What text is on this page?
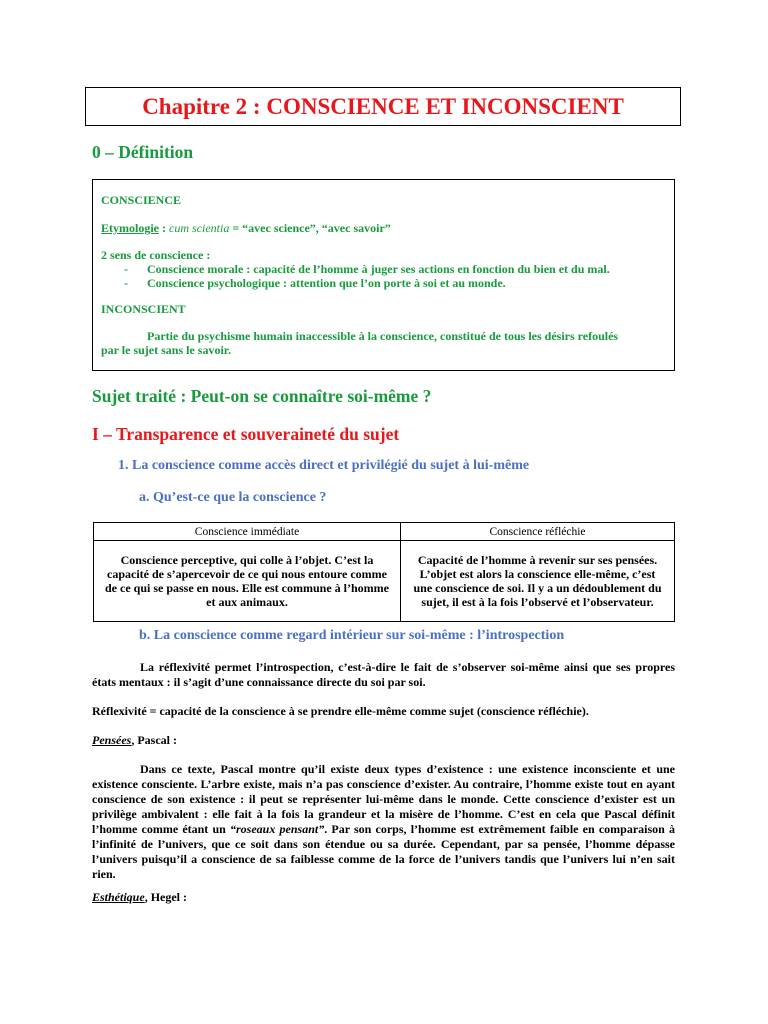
Chapitre 2 : CONSCIENCE ET INCONSCIENT
0 – Définition
CONSCIENCE
Etymologie : cum scientia = “avec science”, “avec savoir”
2 sens de conscience :
- Conscience morale : capacité de l’homme à juger ses actions en fonction du bien et du mal.
- Conscience psychologique : attention que l’on porte à soi et au monde.
INCONSCIENT
Partie du psychisme humain inaccessible à la conscience, constitué de tous les désirs refoulés
par le sujet sans le savoir.
Sujet traité : Peut-on se connaître soi-même ?
I – Transparence et souveraineté du sujet
1. La conscience comme accès direct et privilégié du sujet à lui-même
a. Qu’est-ce que la conscience ?
Conscience immédiate	Conscience réfléchie
Conscience perceptive, qui colle à l’objet. C’est la capacité de s’apercevoir de ce qui nous entoure comme de ce qui se passe en nous. Elle est commune à l’homme et aux animaux.	Capacité de l’homme à revenir sur ses pensées. L’objet est alors la conscience elle-même, c’est une conscience de soi. Il y a un dédoublement du sujet, il est à la fois l’observé et l’observateur.
b. La conscience comme regard intérieur sur soi-même : l’introspection
La réflexivité permet l’introspection, c’est-à-dire le fait de s’observer soi-même ainsi que ses propres états mentaux : il s’agit d’une connaissance directe du soi par soi.
Réflexivité = capacité de la conscience à se prendre elle-même comme sujet (conscience réfléchie).
Pensées, Pascal :
Dans ce texte, Pascal montre qu’il existe deux types d’existence : une existence inconsciente et une existence consciente. L’arbre existe, mais n’a pas conscience d’exister. Au contraire, l’homme existe tout en ayant conscience de son existence : il peut se représenter lui-même dans le monde. Cette conscience d’exister est un privilège ambivalent : elle fait à la fois la grandeur et la misère de l’homme. C’est en cela que Pascal définit l’homme comme étant un “roseaux pensant”. Par son corps, l’homme est extrêmement faible en comparaison à l’infinité de l’univers, que ce soit dans son étendue ou sa durée. Cependant, par sa pensée, l’homme dépasse l’univers puisqu’il a conscience de sa faiblesse comme de la force de l’univers tandis que l’univers lui n’en sait rien.
Esthétique, Hegel :
